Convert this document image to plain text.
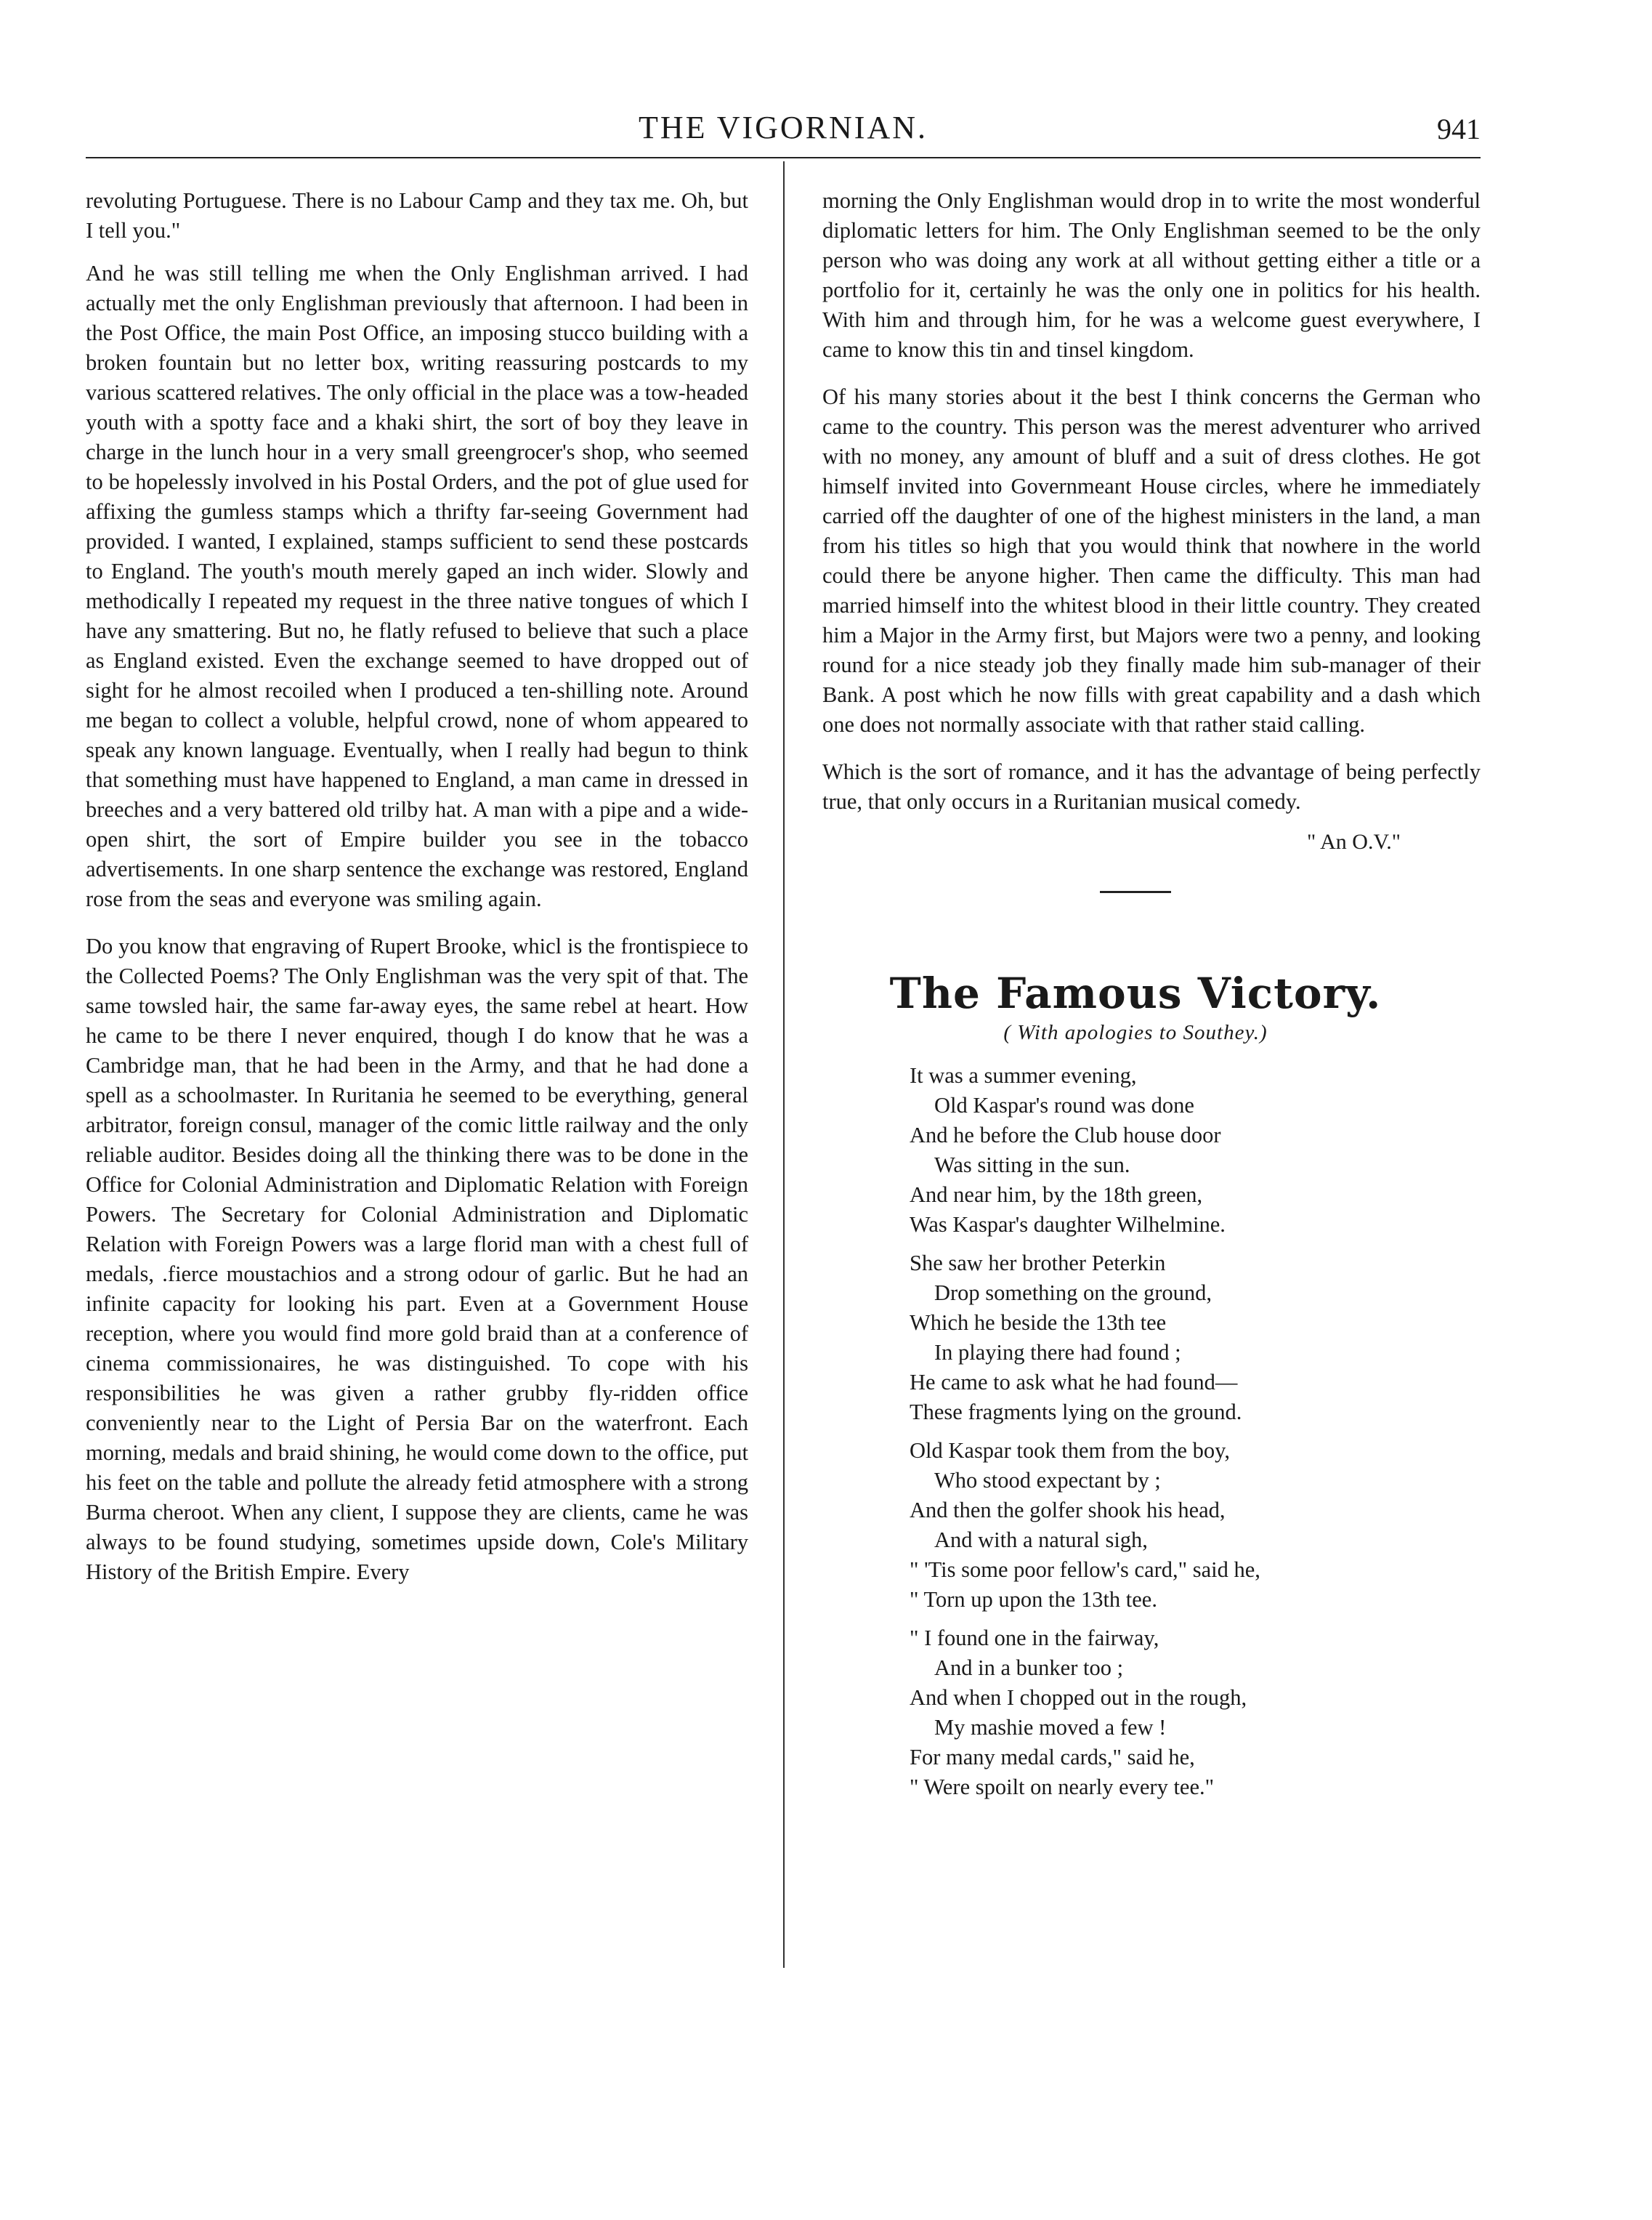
THE VIGORNIAN.	941

revoluting Portuguese. There is no Labour Camp and they tax me. Oh, but I tell you."

And he was still telling me when the Only Englishman arrived. I had actually met the only Englishman previously that afternoon. I had been in the Post Office, the main Post Office, an imposing stucco building with a broken fountain but no letter box, writing reassuring postcards to my various scattered relatives. The only official in the place was a tow-headed youth with a spotty face and a khaki shirt, the sort of boy they leave in charge in the lunch hour in a very small greengrocer's shop, who seemed to be hopelessly involved in his Postal Orders, and the pot of glue used for affixing the gumless stamps which a thrifty far-seeing Government had provided. I wanted, I explained, stamps sufficient to send these postcards to England. The youth's mouth merely gaped an inch wider. Slowly and methodically I repeated my request in the three native tongues of which I have any smattering. But no, he flatly refused to believe that such a place as England existed. Even the exchange seemed to have dropped out of sight for he almost recoiled when I produced a ten-shilling note. Around me began to collect a voluble, helpful crowd, none of whom appeared to speak any known language. Eventually, when I really had begun to think that something must have happened to England, a man came in dressed in breeches and a very battered old trilby hat. A man with a pipe and a wide-open shirt, the sort of Empire builder you see in the tobacco advertisements. In one sharp sentence the exchange was restored, England rose from the seas and everyone was smiling again.

Do you know that engraving of Rupert Brooke, whicl is the frontispiece to the Collected Poems? The Onlу Englishman was the very spit of that. The same towsled hair, the same far-away eyes, the same rebel at heart. How he came to be there I never enquired, though I do know that he was a Cambridge man, that he had been in the Army, and that he had done a spell as a schoolmaster. In Ruritania he seemed to be everything, general arbitrator, foreign consul, manager of the comic little railway and the only reliable auditor. Besides doing all the thinking there was to be done in the Office for Colonial Administration and Diplomatic Relation with Foreign Powers. The Secretary for Colonial Administration and Diplomatic Relation with Foreign Powers was a large florid man with a chest full of medals, .fierce moustachios and a strong odour of garlic. But he had an infinite capacity for looking his part. Even at a Government House reception, where you would find more gold braid than at a conference of cinema commissionaires, he was distinguished. To cope with his responsibilities he was given a rather grubby fly-ridden office conveniently near to the Light of Persia Bar on the waterfront. Each morning, medals and braid shining, he would come down to the office, put his feet on the table and pollute the already fetid atmosphere with a strong Burma cheroot. When any client, I suppose they are clients, came he was always to be found studying, sometimes upside down, Cole's Military History of the British Empire. Every

morning the Only Englishman would drop in to write the most wonderful diplomatic letters for him. The Only Englishman seemed to be the only person who was doing any work at all without getting either a title or a portfolio for it, certainly he was the only one in politics for his health. With him and through him, for he was a welcome guest everywhere, I came to know this tin and tinsel kingdom.

Of his many stories about it the best I think concerns the German who came to the country. This person was the merest adventurer who arrived with no money, any amount of bluff and a suit of dress clothes. He got himself invited into Governmeant House circles, where he immediately carried off the daughter of one of the highest ministers in the land, a man from his titles so high that you would think that nowhere in the world could there be anyone higher. Then came the difficulty. This man had married himself into the whitest blood in their little country. They created him a Major in the Army first, but Majors were two a penny, and looking round for a nice steady job they finally made him sub-manager of their Bank. A post which he now fills with great capability and a dash which one does not normally associate with that rather staid calling.

Which is the sort of romance, and it has the advantage of being perfectly true, that only occurs in a Ruritanian musical comedy.

" An O.V."
The Famous Victory.
( With apologies to Southey.)
It was a summer evening,
Old Kaspar's round was done
And he before the Club house door
Was sitting in the sun.
And near him, by the 18th green,
Was Kaspar's daughter Wilhelmine.
She saw her brother Peterkin
Drop something on the ground,
Which he beside the 13th tee
In playing there had found ;
He came to ask what he had found—
These fragments lying on the ground.
Old Kaspar took them from the boy,
Who stood expectant by ;
And then the golfer shook his head,
And with a natural sigh,
" 'Tis some poor fellow's card," said he,
" Torn up upon the 13th tee.
" I found one in the fairway,
And in a bunker too ;
And when I chopped out in the rough,
My mashie moved a few !
For many medal cards," said he,
" Were spoilt on nearly every tee."
